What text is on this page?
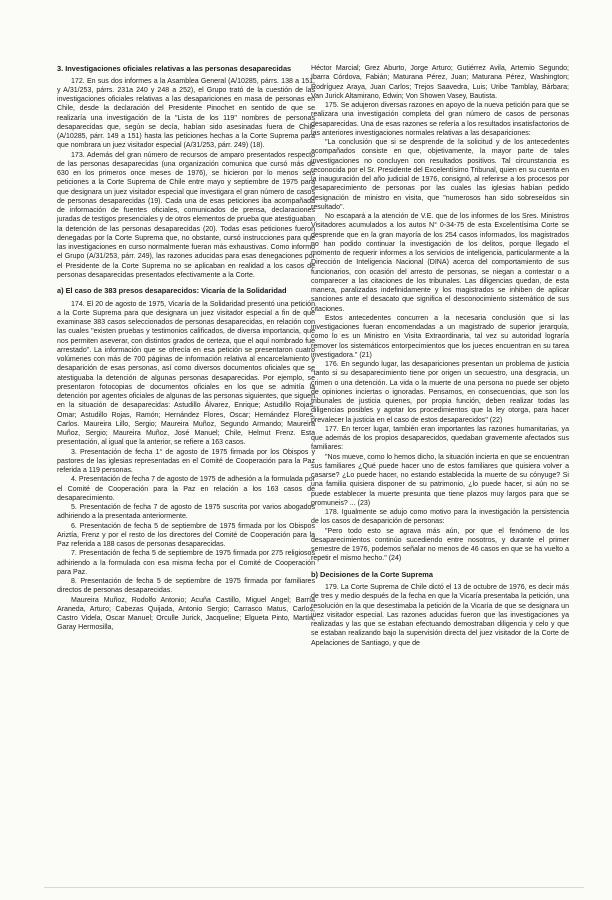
3. Investigaciones oficiales relativas a las personas desaparecidas

172. En sus dos informes a la Asamblea General (A/10285, párrs. 138 a 151, y A/31/253, párrs. 231a 240 y 248 a 252), el Grupo trató de la cuestión de las investigaciones oficiales relativas a las desapariciones en masa de personas en Chile, desde la declaración del Presidente Pinochet en sentido de que se realizaría una investigación de la "Lista de los 119" nombres de personas desaparecidas que, según se decía, habían sido asesinadas fuera de Chile (A/10285, párr. 149 a 151) hasta las peticiones hechas a la Corte Suprema para que nombrara un juez visitador especial (A/31/253, párr. 249) (18).

173. Además del gran número de recursos de amparo presentados respecto de las personas desaparecidas (una organización comunica que cursó más de 630 en los primeros once meses de 1976), se hicieron por lo menos seis peticiones a la Corte Suprema de Chile entre mayo y septiembre de 1975 para que designara un juez visitador especial que investigara el gran número de casos de personas desaparecidas (19). Cada una de esas peticiones iba acompañada de información de fuentes oficiales, comunicados de prensa, declaraciones juradas de testigos presenciales y de otros elementos de prueba que atestiguaban la detención de las personas desaparecidas (20). Todas esas peticiones fueron denegadas por la Corte Suprema que, no obstante, cursó instrucciones para que las investigaciones en curso normalmente fueran más exhaustivas. Como informó el Grupo (A/31/253, párr. 249), las razones aducidas para esas denegaciones por el Presidente de la Corte Suprema no se aplicaban en realidad a los casos de personas desaparecidas presentados efectivamente a la Corte.

a) El caso de 383 presos desaparecidos: Vicaría de la Solidaridad

174. El 20 de agosto de 1975, Vicaría de la Solidaridad presentó una petición a la Corte Suprema para que designara un juez visitador especial a fin de que examinase 383 casos seleccionados de personas desaparecidas, en relación con las cuales "existen pruebas y testimonios calificados, de diversa importancia, que nos permiten aseverar, con distintos grados de certeza, que el aquí nombrado fue arrestado". La información que se ofrecía en esa petición se presentaron cuatro volúmenes con más de 700 páginas de información relativa al encarcelamiento y desaparición de esas personas, así como diversos documentos oficiales que se atestiguaba la detención de algunas personas desaparecidas. Por ejemplo, se presentaron fotocopias de documentos oficiales en los que se admitía la detención por agentes oficiales de algunas de las personas siguientes, que siguen en la situación de desaparecidas: Astudillo Álvarez, Enrique; Astudillo Rojas, Omar; Astudillo Rojas, Ramón; Hernández Flores, Oscar; Hernández Flores, Carlos. Maureira Lillo, Sergio; Maureira Muñoz, Segundo Armando; Maureira Muñoz, Sergio; Maureira Muñoz, José Manuel; Chile, Helmut Frenz. Esta presentación, al igual que la anterior, se refiere a 163 casos.

3. Presentación de fecha 1° de agosto de 1975 firmada por los Obispos y pastores de las iglesias representadas en el Comité de Cooperación para la Paz referida a 119 personas.

4. Presentación de fecha 7 de agosto de 1975 de adhesión a la formulada por el Comité de Cooperación para la Paz en relación a los 163 casos de desaparecimiento.

5. Presentación de fecha 7 de agosto de 1975 suscrita por varios abogados adhiriendo a la presentada anteriormente.

6. Presentación de fecha 5 de septiembre de 1975 firmada por los Obispos Ariztía, Frenz y por el resto de los directores del Comité de Cooperación para la Paz referida a 188 casos de personas desaparecidas.

7. Presentación de fecha 5 de septiembre de 1975 firmada por 275 religiosos adhiriendo a la formulada con esa misma fecha por el Comité de Cooperación para Paz.

8. Presentación de fecha 5 de septiembre de 1975 firmada por familiares directos de personas desaparecidas.

Maureira Muñoz, Rodolfo Antonio; Acuña Castillo, Miguel Angel; Barría Araneda, Arturo; Cabezas Quijada, Antonio Sergio; Carrasco Matus, Carlos; Castro Videla, Oscar Manuel; Orculle Jurick, Jacqueline; Elgueta Pinto, Martín; Garay Hermosilla,

Héctor Marcial; Grez Aburto, Jorge Arturo; Gutiérrez Avila, Artemio Segundo; Ibarra Córdova, Fabián; Maturana Pérez, Juan; Maturana Pérez, Washington; Rodríguez Araya, Juan Carlos; Trejos Saavedra, Luis; Uribe Tamblay, Bárbara; Van Jurick Altamirano, Edwin; Von Showen Vasey, Bautista.

175. Se adujeron diversas razones en apoyo de la nueva petición para que se realizara una investigación completa del gran número de casos de personas desaparecidas. Una de esas razones se refería a los resultados insatisfactorios de las anteriores investigaciones normales relativas a las desapariciones:

"La conclusión que si se desprende de la solicitud y de los antecedentes acompañados consiste en que, objetivamente, la mayor parte de tales investigaciones no concluyen con resultados positivos. Tal circunstancia es reconocida por el Sr. Presidente del Excelentísimo Tribunal, quien en su cuenta en la inauguración del año judicial de 1976, consignó, al referirse a los procesos por desaparecimiento de personas por las cuales las iglesias habían pedido designación de ministro en visita, que "numerosos han sido sobreseídos sin resultado".

No escapará a la atención de V.E. que de los informes de los Sres. Ministros Visitadores acumulados a los autos N° 0-34-75 de esta Excelentísima Corte se desprende que en la gran mayoría de los 254 casos informados, los magistrados no han podido continuar la investigación de los delitos, porque llegado el momento de requerir informes a los servicios de inteligencia, particularmente a la Dirección de Inteligencia Nacional (DINA) acerca del comportamiento de sus funcionarios, con ocasión del arresto de personas, se niegan a contestar o a comparecer a las citaciones de los tribunales. Las diligencias quedan, de esta manera, paralizadas indefinidamente y los magistrados se inhiben de aplicar sanciones ante el desacato que significa el desconocimiento sistemático de sus citaciones.

Estos antecedentes concurren a la necesaria conclusión que si las investigaciones fueran encomendadas a un magistrado de superior jerarquía, como lo es un Ministro en Visita Extraordinaria, tal vez su autoridad lograría remover los sistemáticos entorpecimientos que los jueces encuentran en su tarea investigadora." (21)

176. En segundo lugar, las desapariciones presentan un problema de justicia "tanto si su desaparecimiento tiene por origen un secuestro, una desgracia, un crimen o una detención. La vida o la muerte de una persona no puede ser objeto de opiniones inciertas o ignoradas. Pensamos, en consecuencias, que son los tribunales de justicia quienes, por propia función, deben realizar todas las diligencias posibles y agotar los procedimientos que la ley otorga, para hacer prevalecer la justicia en el caso de estos desaparecidos" (22)

177. En tercer lugar, también eran importantes las razones humanitarias, ya que además de los propios desaparecidos, quedaban gravemente afectados sus familiares:

"Nos mueve, como lo hemos dicho, la situación incierta en que se encuentran sus familiares ¿Qué puede hacer uno de estos familiares que quisiera volver a casarse? ¿Lo puede hacer, no estando establecida la muerte de su cónyuge? Si una familia quisiera disponer de su patrimonio, ¿lo puede hacer, si aún no se puede establecer la muerte presunta que tiene plazos muy largos para que se promuneis? ... (23)

178. Igualmente se adujo como motivo para la investigación la persistencia de los casos de desaparición de personas:

"Pero todo esto se agrava más aún, por que el fenómeno de los desaparecimientos continúo sucediendo entre nosotros, y durante el primer semestre de 1976, podemos señalar no menos de 46 casos en que se ha vuelto a repetir el mismo hecho." (24)

b) Decisiones de la Corte Suprema

179. La Corte Suprema de Chile dictó el 13 de octubre de 1976, es decir más de tres y medio después de la fecha en que la Vicaría presentaba la petición, una resolución en la que desestimaba la petición de la Vicaría de que se designara un juez visitador especial. Las razones aducidas fueron que las investigaciones ya realizadas y las que se estaban efectuando demostraban diligencia y celo y que se estaban realizando bajo la supervisión directa del juez visitador de la Corte de Apelaciones de Santiago, y que de
